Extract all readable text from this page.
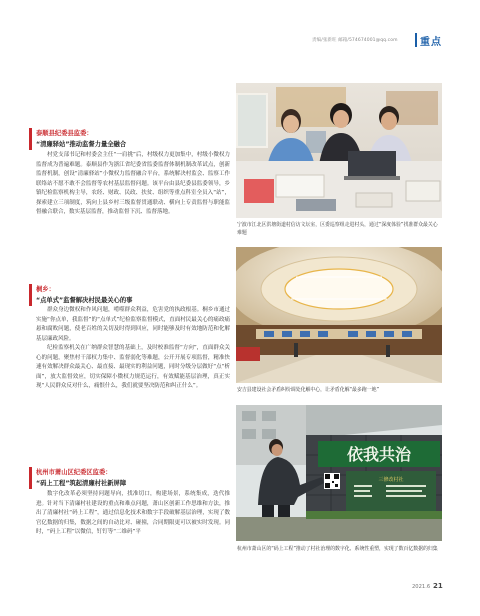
责编/张新旺 邮箱/574674001@qq.com 重点
泰顺县纪委县监委：
“清廉驿站”推动监督力量全融合

村党支部书记和村委会主任“一肩挑”后，村级权力更加集中，村级小微权力监督成为普遍难题。泰顺县作为浙江省纪委省监委监督体制机制改革试点，创新监督机制，创设“清廉驿站”小微权力监督融合平台，系统解决村监会、监察工作联络站不愿不敢不会监督等农村基层监督问题。该平台由县纪委县监委领导，乡镇纪检监察机构主导，农经、财政、民政、扶贫、组织等重点科室全员入“站”，探索建立三项制度，筑向上县乡村三级监督贯通联动、横向上专责监督与职能监督融合联合，数实基层监督，推动监督下沉、监督落地。

桐乡：
“点单式”监督解决村民最关心的事

群众身边微权和作风问题，啃噬群众利益，危害党的执政根基。桐乡市通过实施“你点单，我监督”的“点单式”纪检监察监督模式，直面村民最关心的痛政痛悬和腐败问题，使老百姓的关切及时得到回应，同时能够及时有效地防范和化解基层廉政风险。

纪检监察机关在广纳群众智慧的基础上，及时校准监督“方向”，直面群众关心的问题，聚焦村干部权力集中、监督弱化等难题，公开开展专项监督，精准快速有效解决群众最关心、最直接、最现实的利益问题，同时分级分层做好“点“析面”，放大监督效应，切实保障小微权力规范运行，有效赋能基层治理，真正实现“人民群众反对什么，痛恨什么，我们就要坚决防范和纠正什么”。

杭州市萧山区纪委区监委：
“码上工程”筑起清廉村社新屏障

数字化改革必须坚持问题导向，找准切口，构建场景，系统集成，迭代推进。针对当下清廉村社建设的重点和难点问题，萧山区创新工作思维和方法，推出了清廉村社“码上工程”，通过信息化技术和数字手段破解基层治理，实现了数官亿数据的归集，数据之间的自动比对、碰撞，合同期限更可以被实时发现。同时，“码上工程”以微信，钉钉等“二维码”平

宁波市江北区洪塘街道村信访文坛室，区委巡察组走进村头，通过“深度体验”找准群众最关心难题

安吉县建设社会矛盾纠纷调处化解中心，让矛盾化解“最多跑一地”

依我共治
三修改村社

杭州市萧山区的“码上工程”推动了村社治理的数字化、系统性重塑，实现了数百亿数据的归集

2021.6 21
